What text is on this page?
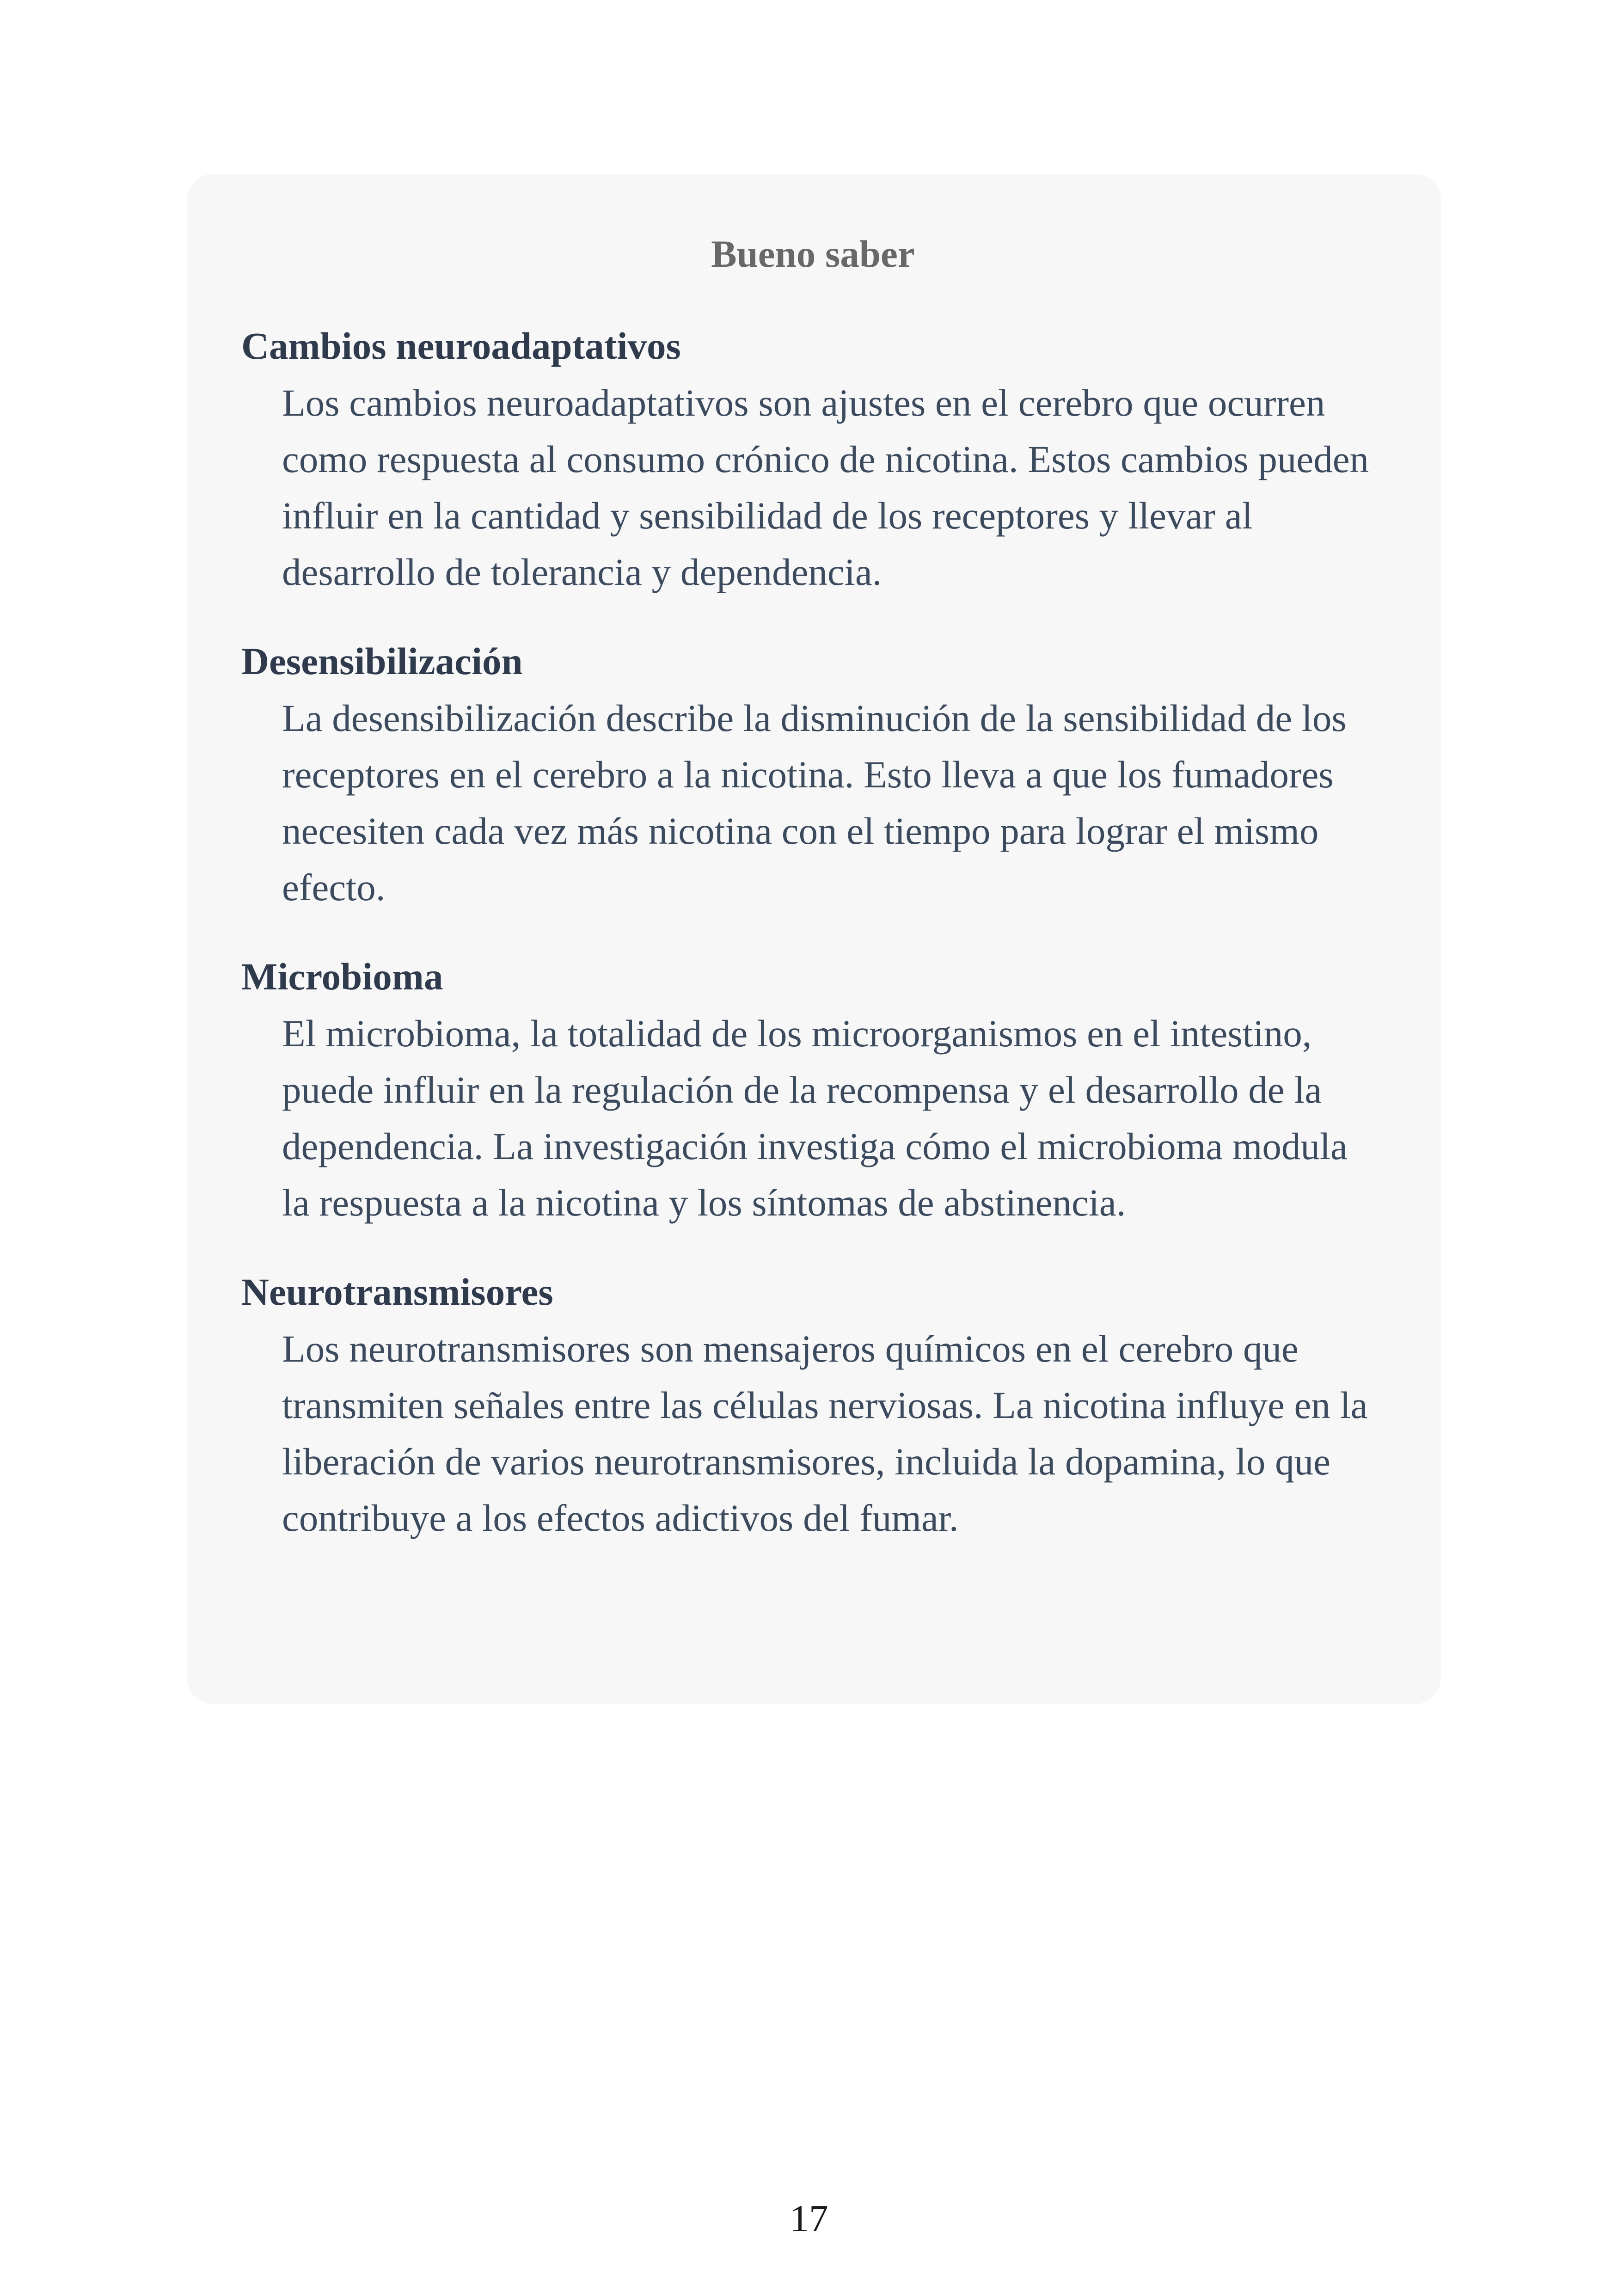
Bueno saber
Cambios neuroadaptativos

Los cambios neuroadaptativos son ajustes en el cerebro que ocurren como respuesta al consumo crónico de nicotina. Estos cambios pueden influir en la cantidad y sensibilidad de los receptores y llevar al desarrollo de tolerancia y dependencia.

Desensibilización

La desensibilización describe la disminución de la sensibilidad de los receptores en el cerebro a la nicotina. Esto lleva a que los fumadores necesiten cada vez más nicotina con el tiempo para lograr el mismo efecto.

Microbioma

El microbioma, la totalidad de los microorganismos en el intestino, puede influir en la regulación de la recompensa y el desarrollo de la dependencia. La investigación investiga cómo el microbioma modula la respuesta a la nicotina y los síntomas de abstinencia.

Neurotransmisores

Los neurotransmisores son mensajeros químicos en el cerebro que transmiten señales entre las células nerviosas. La nicotina influye en la liberación de varios neurotransmisores, incluida la dopamina, lo que contribuye a los efectos adictivos del fumar.

17
